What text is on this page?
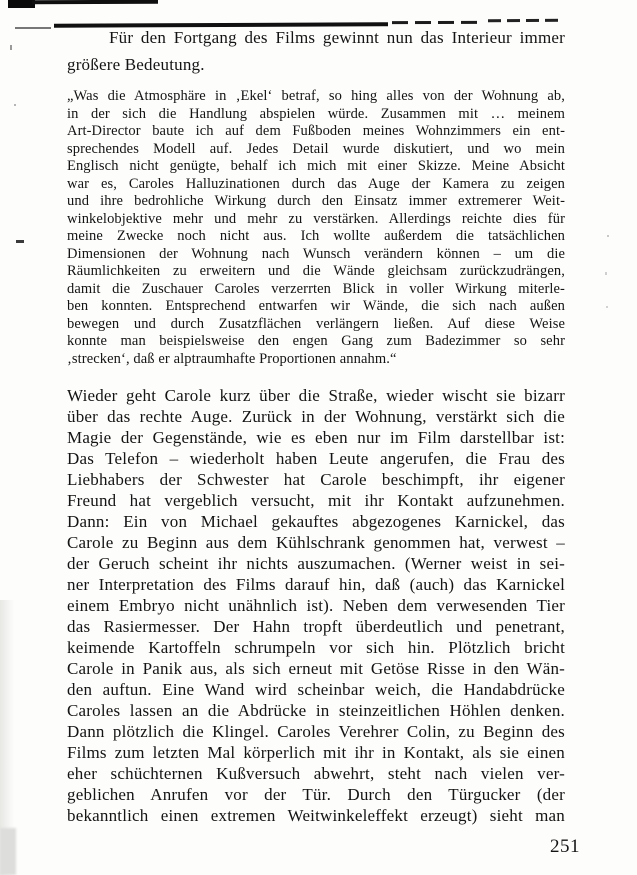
Für den Fortgang des Films gewinnt nun das Interieur immer
größere Bedeutung.
„Was die Atmosphäre in ‚Ekel‘ betraf, so hing alles von der Wohnung ab,
in der sich die Handlung abspielen würde. Zusammen mit … meinem
Art-Director baute ich auf dem Fußboden meines Wohnzimmers ein ent-
sprechendes Modell auf. Jedes Detail wurde diskutiert, und wo mein
Englisch nicht genügte, behalf ich mich mit einer Skizze. Meine Absicht
war es, Caroles Halluzinationen durch das Auge der Kamera zu zeigen
und ihre bedrohliche Wirkung durch den Einsatz immer extremerer Weit-
winkelobjektive mehr und mehr zu verstärken. Allerdings reichte dies für
meine Zwecke noch nicht aus. Ich wollte außerdem die tatsächlichen
Dimensionen der Wohnung nach Wunsch verändern können – um die
Räumlichkeiten zu erweitern und die Wände gleichsam zurückzudrängen,
damit die Zuschauer Caroles verzerrten Blick in voller Wirkung miterle-
ben konnten. Entsprechend entwarfen wir Wände, die sich nach außen
bewegen und durch Zusatzflächen verlängern ließen. Auf diese Weise
konnte man beispielsweise den engen Gang zum Badezimmer so sehr
‚strecken‘, daß er alptraumhafte Proportionen annahm.“
Wieder geht Carole kurz über die Straße, wieder wischt sie bizarr
über das rechte Auge. Zurück in der Wohnung, verstärkt sich die
Magie der Gegenstände, wie es eben nur im Film darstellbar ist:
Das Telefon – wiederholt haben Leute angerufen, die Frau des
Liebhabers der Schwester hat Carole beschimpft, ihr eigener
Freund hat vergeblich versucht, mit ihr Kontakt aufzunehmen.
Dann: Ein von Michael gekauftes abgezogenes Karnickel, das
Carole zu Beginn aus dem Kühlschrank genommen hat, verwest –
der Geruch scheint ihr nichts auszumachen. (Werner weist in sei-
ner Interpretation des Films darauf hin, daß (auch) das Karnickel
einem Embryo nicht unähnlich ist). Neben dem verwesenden Tier
das Rasiermesser. Der Hahn tropft überdeutlich und penetrant,
keimende Kartoffeln schrumpeln vor sich hin. Plötzlich bricht
Carole in Panik aus, als sich erneut mit Getöse Risse in den Wän-
den auftun. Eine Wand wird scheinbar weich, die Handabdrücke
Caroles lassen an die Abdrücke in steinzeitlichen Höhlen denken.
Dann plötzlich die Klingel. Caroles Verehrer Colin, zu Beginn des
Films zum letzten Mal körperlich mit ihr in Kontakt, als sie einen
eher schüchternen Kußversuch abwehrt, steht nach vielen ver-
geblichen Anrufen vor der Tür. Durch den Türgucker (der
bekanntlich einen extremen Weitwinkeleffekt erzeugt) sieht man
251
